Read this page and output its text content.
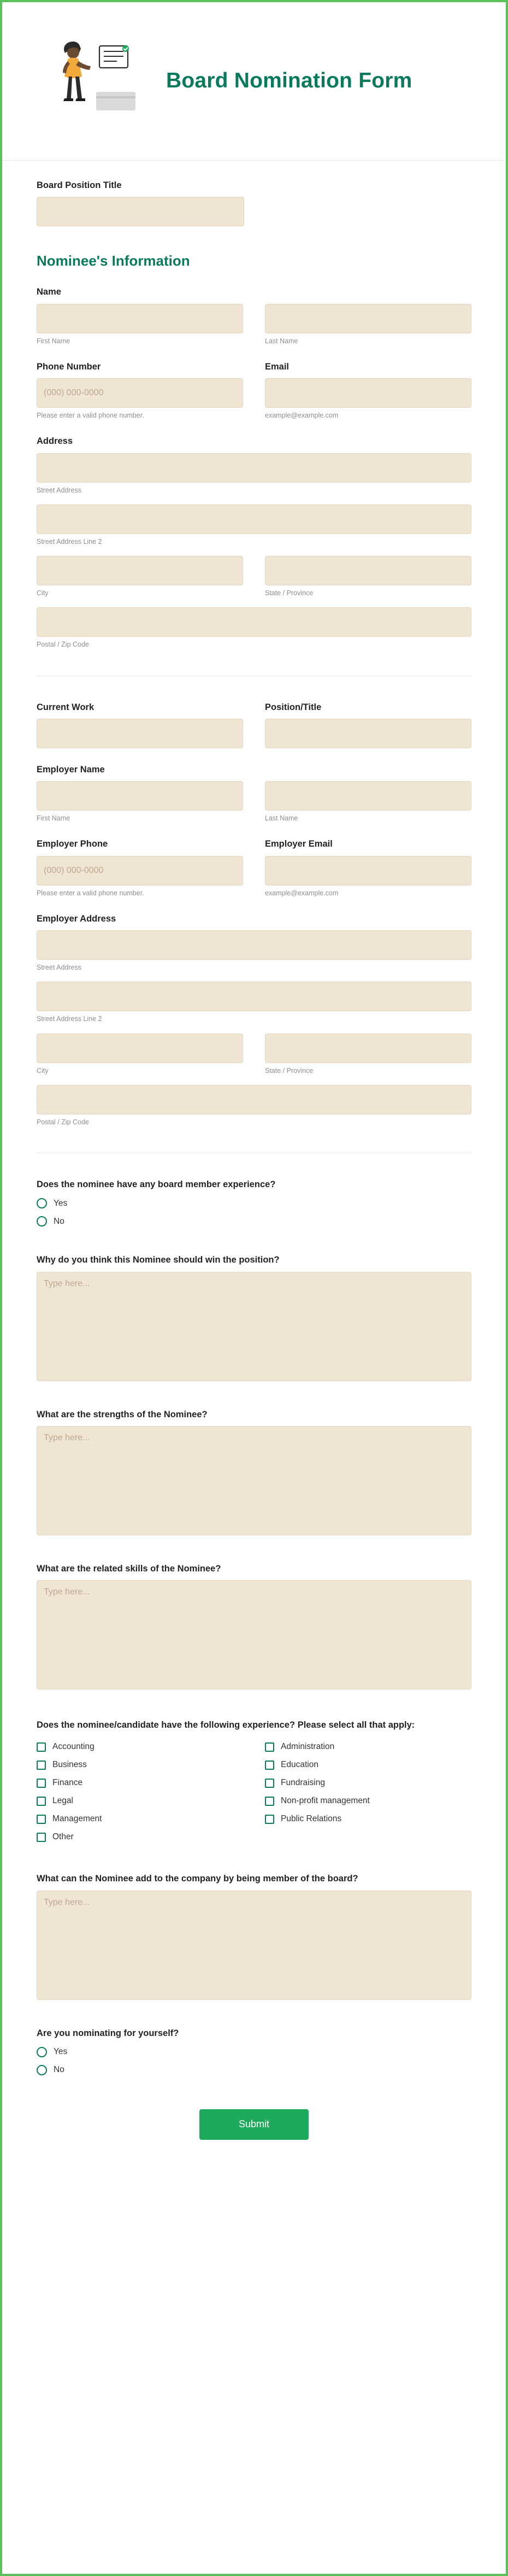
Board Nomination Form
Board Position Title
Nominee's Information
Name
First Name	Last Name
Phone Number
(000) 000-0000
Please enter a valid phone number.
Email
example@example.com
Address
Street Address
Street Address Line 2
City	State / Province
Postal / Zip Code
Current Work	Position/Title
Employer Name
First Name	Last Name
Employer Phone
(000) 000-0000
Please enter a valid phone number.
Employer Email
example@example.com
Employer Address
Street Address
Street Address Line 2
City	State / Province
Postal / Zip Code
Does the nominee have any board member experience?
Yes
No
Why do you think this Nominee should win the position?
Type here...
What are the strengths of the Nominee?
Type here...
What are the related skills of the Nominee?
Type here...
Does the nominee/candidate have the following experience? Please select all that apply:
Accounting	Administration
Business	Education
Finance	Fundraising
Legal	Non-profit management
Management	Public Relations
Other
What can the Nominee add to the company by being member of the board?
Type here...
Are you nominating for yourself?
Yes
No
Submit
